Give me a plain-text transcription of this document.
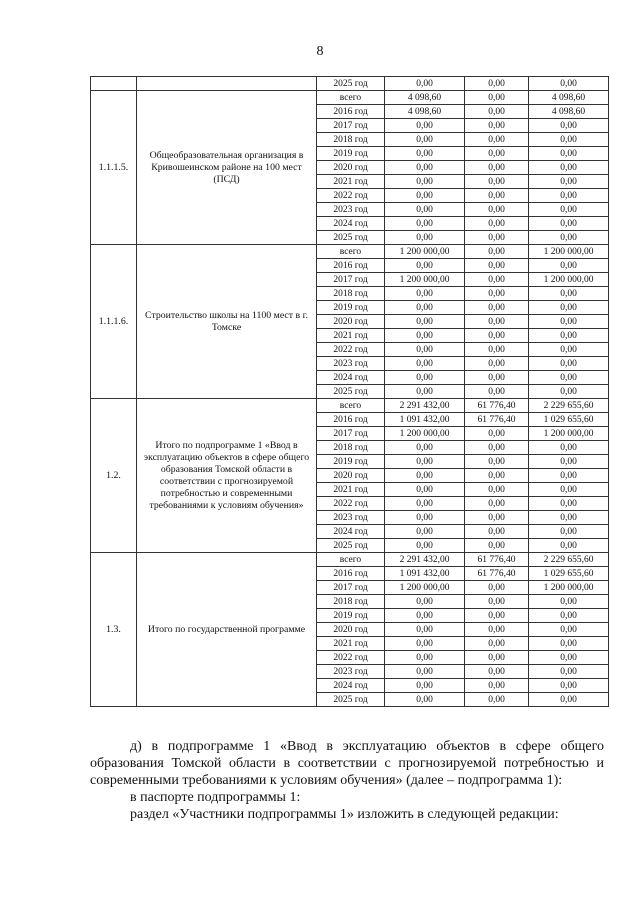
8
		2025 год	0,00	0,00	0,00
1.1.1.5.	Общеобразовательная организация в Кривошеинском районе на 100 мест (ПСД)	всего	4 098,60	0,00	4 098,60
		2016 год	4 098,60	0,00	4 098,60
		2017 год	0,00	0,00	0,00
		2018 год	0,00	0,00	0,00
		2019 год	0,00	0,00	0,00
		2020 год	0,00	0,00	0,00
		2021 год	0,00	0,00	0,00
		2022 год	0,00	0,00	0,00
		2023 год	0,00	0,00	0,00
		2024 год	0,00	0,00	0,00
		2025 год	0,00	0,00	0,00
1.1.1.6.	Строительство школы на 1100 мест в г. Томске	всего	1 200 000,00	0,00	1 200 000,00
		2016 год	0,00	0,00	0,00
		2017 год	1 200 000,00	0,00	1 200 000,00
		2018 год	0,00	0,00	0,00
		2019 год	0,00	0,00	0,00
		2020 год	0,00	0,00	0,00
		2021 год	0,00	0,00	0,00
		2022 год	0,00	0,00	0,00
		2023 год	0,00	0,00	0,00
		2024 год	0,00	0,00	0,00
		2025 год	0,00	0,00	0,00
1.2.	Итого по подпрограмме 1 «Ввод в эксплуатацию объектов в сфере общего образования Томской области в соответствии с прогнозируемой потребностью и современными требованиями к условиям обучения»	всего	2 291 432,00	61 776,40	2 229 655,60
		2016 год	1 091 432,00	61 776,40	1 029 655,60
		2017 год	1 200 000,00	0,00	1 200 000,00
		2018 год	0,00	0,00	0,00
		2019 год	0,00	0,00	0,00
		2020 год	0,00	0,00	0,00
		2021 год	0,00	0,00	0,00
		2022 год	0,00	0,00	0,00
		2023 год	0,00	0,00	0,00
		2024 год	0,00	0,00	0,00
		2025 год	0,00	0,00	0,00
1.3.	Итого по государственной программе	всего	2 291 432,00	61 776,40	2 229 655,60
		2016 год	1 091 432,00	61 776,40	1 029 655,60
		2017 год	1 200 000,00	0,00	1 200 000,00
		2018 год	0,00	0,00	0,00
		2019 год	0,00	0,00	0,00
		2020 год	0,00	0,00	0,00
		2021 год	0,00	0,00	0,00
		2022 год	0,00	0,00	0,00
		2023 год	0,00	0,00	0,00
		2024 год	0,00	0,00	0,00
		2025 год	0,00	0,00	0,00

д) в подпрограмме 1 «Ввод в эксплуатацию объектов в сфере общего образования Томской области в соответствии с прогнозируемой потребностью и современными требованиями к условиям обучения» (далее – подпрограмма 1):

в паспорте подпрограммы 1:

раздел «Участники подпрограммы 1» изложить в следующей редакции:
